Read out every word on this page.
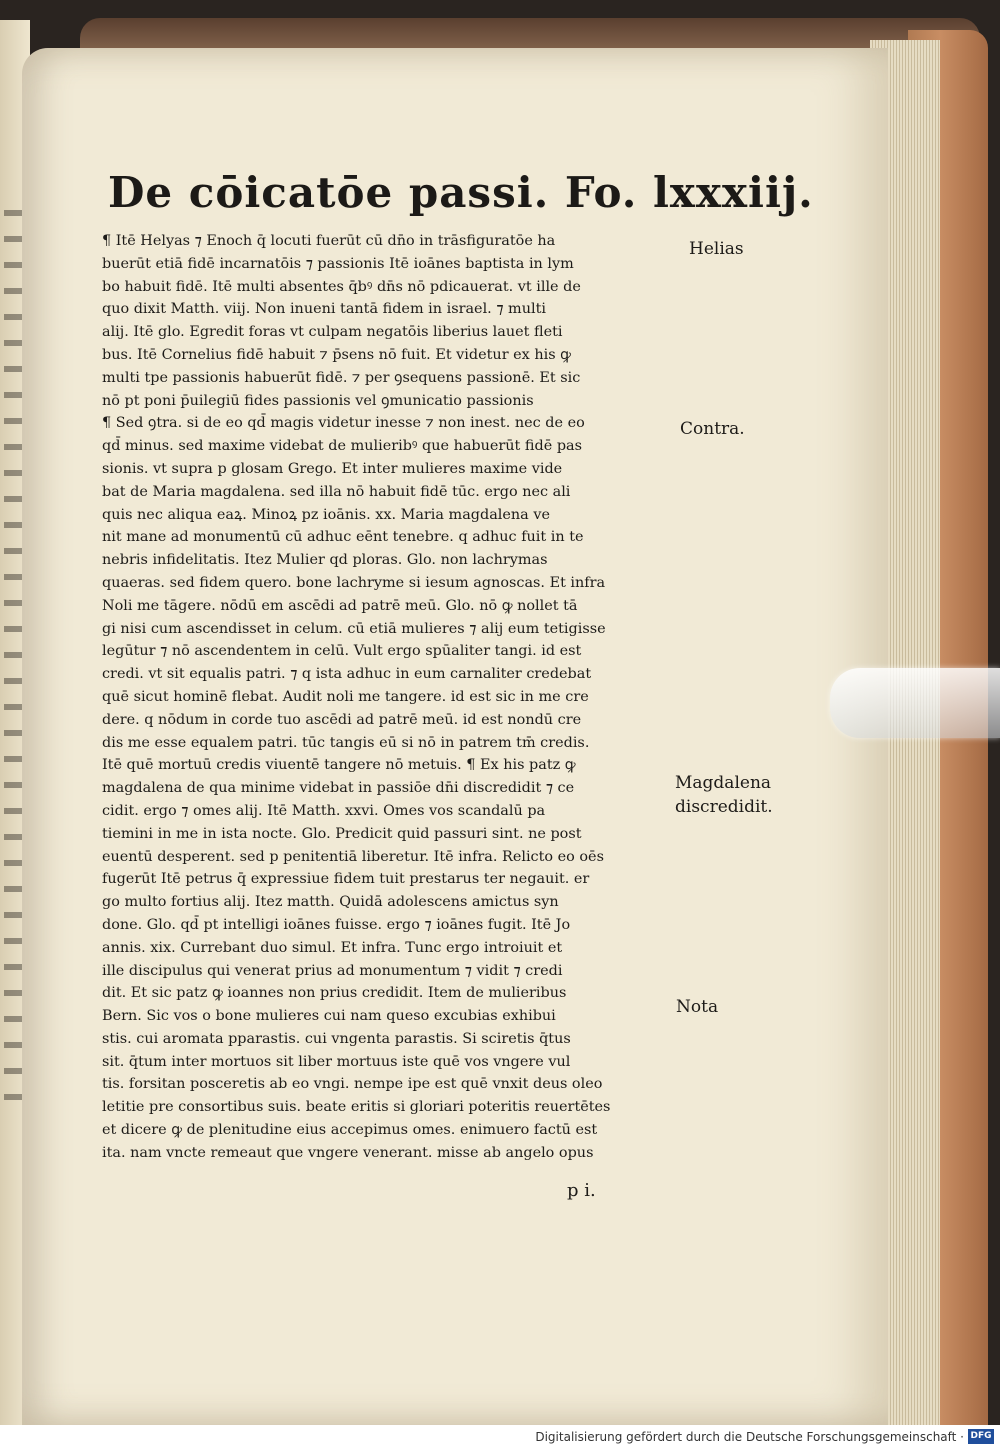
De cōicatōe passi. Fo. lxxxiij.
¶ Itē Helyas ⁊ Enoch q̄ locuti fuerūt cū dn̄o in trāsfiguratōe ha
buerūt etiā fidē incarnatōis ⁊ passionis Itē ioānes baptista in lym
bo habuit fidē. Itē multi absentes q̄bꝰ dn̄s nō pdicauerat. vt ille de
quo dixit Matth. viij. Non inueni tantā fidem in israel. ⁊ multi
alij. Itē glo. Egredit foras vt culpam negatōis liberius lauet fleti
bus. Itē Cornelius fidē habuit ⁊ p̄sens nō fuit. Et videtur ex his ꝙ
multi tpe passionis habuerūt fidē. ⁊ per ꝯsequens passionē. Et sic
nō pt poni p̄uilegiū fides passionis vel ꝯmunicatio passionis
¶ Sed ꝯtra. si de eo qd̄ magis videtur inesse ⁊ non inest. nec de eo
qd̄ minus. sed maxime videbat de mulieribꝰ que habuerūt fidē pas
sionis. vt supra p glosam Grego. Et inter mulieres maxime vide
bat de Maria magdalena. sed illa nō habuit fidē tūc. ergo nec ali
quis nec aliqua eaꝝ. Minoꝝ pz ioānis. xx. Maria magdalena ve
nit mane ad monumentū cū adhuc eēnt tenebre. q adhuc fuit in te
nebris infidelitatis. Itez Mulier qd ploras. Glo. non lachrymas
quaeras. sed fidem quero. bone lachryme si iesum agnoscas. Et infra
Noli me tāgere. nōdū em ascēdi ad patrē meū. Glo. nō ꝙ nollet tā
gi nisi cum ascendisset in celum. cū etiā mulieres ⁊ alij eum tetigisse
legūtur ⁊ nō ascendentem in celū. Vult ergo spūaliter tangi. id est
credi. vt sit equalis patri. ⁊ q ista adhuc in eum carnaliter credebat
quē sicut hominē flebat. Audit noli me tangere. id est sic in me cre
dere. q nōdum in corde tuo ascēdi ad patrē meū. id est nondū cre
dis me esse equalem patri. tūc tangis eū si nō in patrem tm̄ credis.
Itē quē mortuū credis viuentē tangere nō metuis. ¶ Ex his patz ꝙ
magdalena de qua minime videbat in passiōe dn̄i discredidit ⁊ ce
cidit. ergo ⁊ omes alij. Itē Matth. xxvi. Omes vos scandalū pa
tiemini in me in ista nocte. Glo. Predicit quid passuri sint. ne post
euentū desperent. sed p penitentiā liberetur. Itē infra. Relicto eo oēs
fugerūt Itē petrus q̄ expressiue fidem tuit prestarus ter negauit. er
go multo fortius alij. Itez matth. Quidā adolescens amictus syn
done. Glo. qd̄ pt intelligi ioānes fuisse. ergo ⁊ ioānes fugit. Itē Jo
annis. xix. Currebant duo simul. Et infra. Tunc ergo introiuit et
ille discipulus qui venerat prius ad monumentum ⁊ vidit ⁊ credi
dit. Et sic patz ꝙ ioannes non prius credidit. Item de mulieribus
Bern. Sic vos o bone mulieres cui nam queso excubias exhibui
stis. cui aromata pparastis. cui vngenta parastis. Si sciretis q̄tus
sit. q̄tum inter mortuos sit liber mortuus iste quē vos vngere vul
tis. forsitan posceretis ab eo vngi. nempe ipe est quē vnxit deus oleo
letitie pre consortibus suis. beate eritis si gloriari poteritis reuertētes
et dicere ꝙ de plenitudine eius accepimus omes. enimuero factū est
ita. nam vncte remeaut que vngere venerant. misse ab angelo opus
p i.
Helias
Contra.
Magdalena
discredidit.
Nota
Digitalisierung gefördert durch die Deutsche Forschungsgemeinschaft · DFG
